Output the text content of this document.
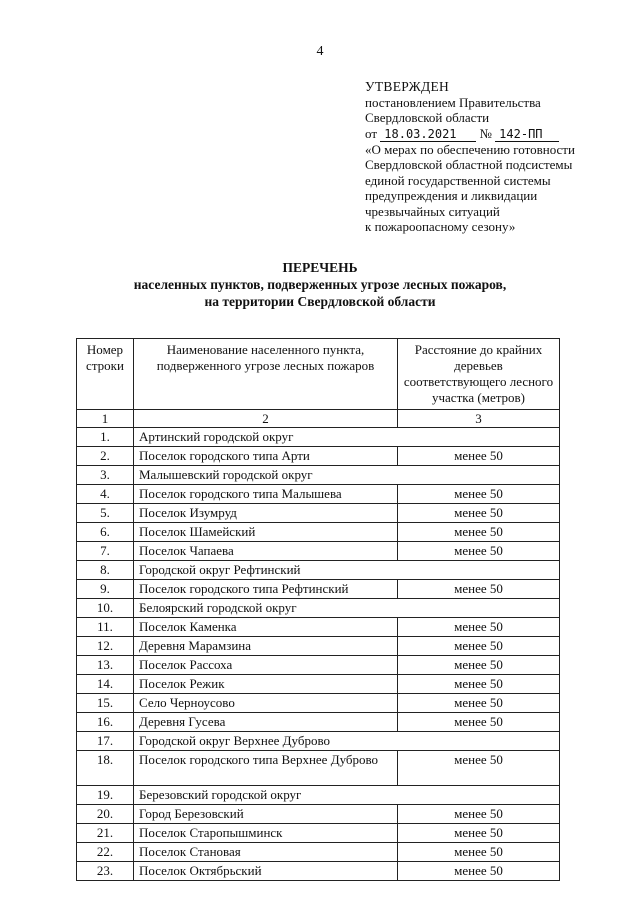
4
УТВЕРЖДЕН
постановлением Правительства
Свердловской области
от 18.03.2021 № 142-ПП
«О мерах по обеспечению готовности
Свердловской областной подсистемы
единой государственной системы
предупреждения и ликвидации
чрезвычайных ситуаций
к пожароопасному сезону»
ПЕРЕЧЕНЬ
населенных пунктов, подверженных угрозе лесных пожаров,
на территории Свердловской области
Номер строки	Наименование населенного пункта, подверженного угрозе лесных пожаров	Расстояние до крайних деревьев соответствующего лесного участка (метров)
1	2	3
1.	Артинский городской округ	
2.	Поселок городского типа Арти	менее 50
3.	Малышевский городской округ	
4.	Поселок городского типа Малышева	менее 50
5.	Поселок Изумруд	менее 50
6.	Поселок Шамейский	менее 50
7.	Поселок Чапаева	менее 50
8.	Городской округ Рефтинский	
9.	Поселок городского типа Рефтинский	менее 50
10.	Белоярский городской округ	
11.	Поселок Каменка	менее 50
12.	Деревня Марамзина	менее 50
13.	Поселок Рассоха	менее 50
14.	Поселок Режик	менее 50
15.	Село Черноусово	менее 50
16.	Деревня Гусева	менее 50
17.	Городской округ Верхнее Дуброво	
18.	Поселок городского типа Верхнее Дуброво	менее 50
19.	Березовский городской округ	
20.	Город Березовский	менее 50
21.	Поселок Старопышминск	менее 50
22.	Поселок Становая	менее 50
23.	Поселок Октябрьский	менее 50
